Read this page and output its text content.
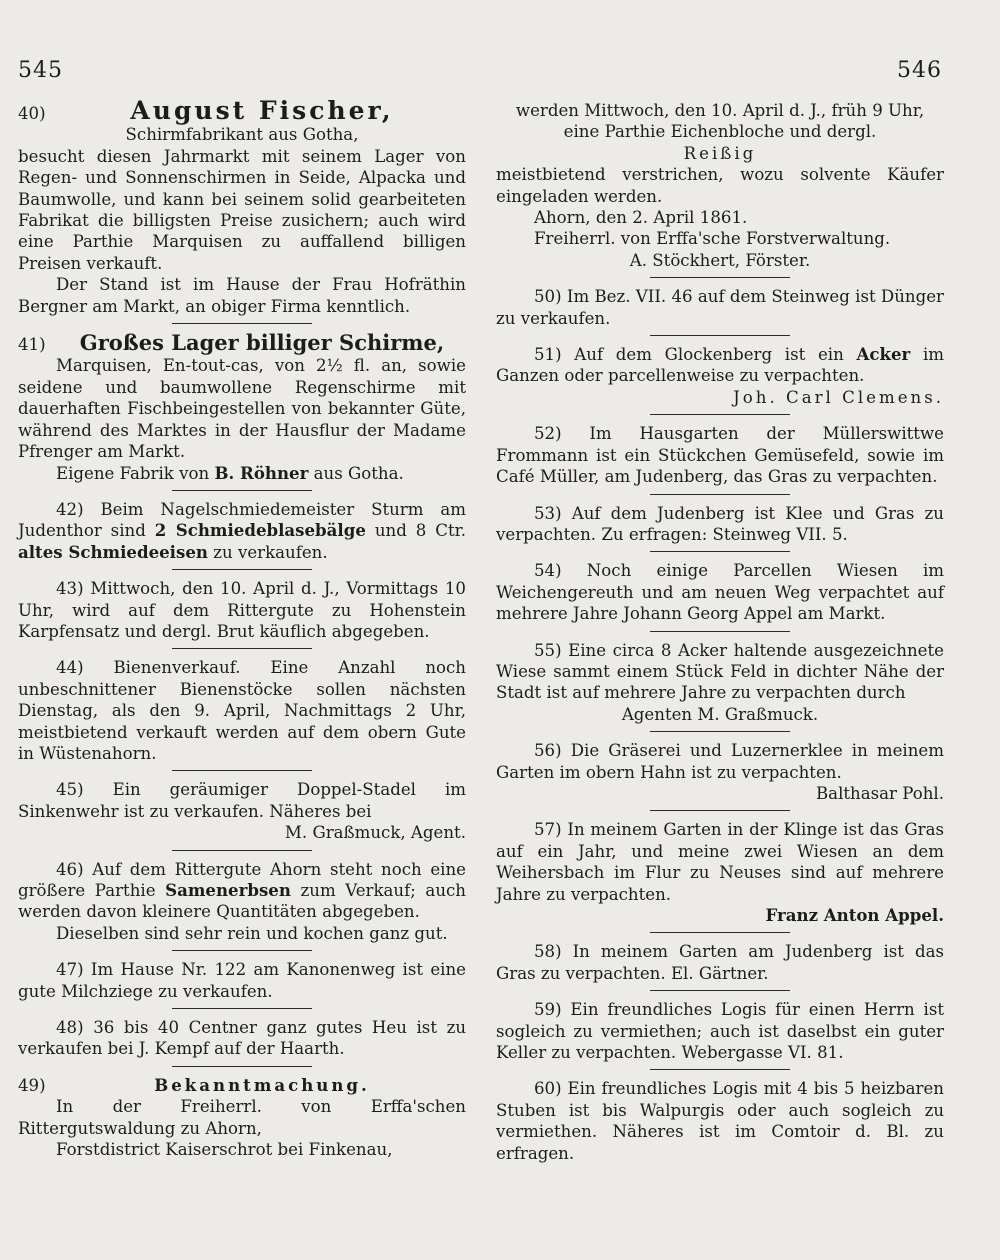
545	546
40)	August Fischer,

Schirmfabrikant aus Gotha,

besucht diesen Jahrmarkt mit seinem Lager von Regen- und Sonnenschirmen in Seide, Alpacka und Baumwolle, und kann bei seinem solid gearbeiteten Fabrikat die billigsten Preise zusichern; auch wird eine Parthie Marquisen zu auffallend billigen Preisen verkauft.

Der Stand ist im Hause der Frau Hofräthin Bergner am Markt, an obiger Firma kenntlich.

41)	Großes Lager billiger Schirme,

Marquisen, En-tout-cas, von 2½ fl. an, sowie seidene und baumwollene Regenschirme mit dauerhaften Fischbeingestellen von bekannter Güte, während des Marktes in der Hausflur der Madame Pfrenger am Markt.

Eigene Fabrik von B. Röhner aus Gotha.

42) Beim Nagelschmiedemeister Sturm am Judenthor sind 2 Schmiedeblasebälge und 8 Ctr. altes Schmiedeeisen zu verkaufen.

43) Mittwoch, den 10. April d. J., Vormittags 10 Uhr, wird auf dem Rittergute zu Hohenstein Karpfensatz und dergl. Brut käuflich abgegeben.

44) Bienenverkauf. Eine Anzahl noch unbeschnittener Bienenstöcke sollen nächsten Dienstag, als den 9. April, Nachmittags 2 Uhr, meistbietend verkauft werden auf dem obern Gute in Wüstenahorn.

45) Ein geräumiger Doppel-Stadel im Sinkenwehr ist zu verkaufen. Näheres bei

M. Graßmuck, Agent.

46) Auf dem Rittergute Ahorn steht noch eine größere Parthie Samenerbsen zum Verkauf; auch werden davon kleinere Quantitäten abgegeben.

Dieselben sind sehr rein und kochen ganz gut.

47) Im Hause Nr. 122 am Kanonenweg ist eine gute Milchziege zu verkaufen.

48) 36 bis 40 Centner ganz gutes Heu ist zu verkaufen bei J. Kempf auf der Haarth.

49)	Bekanntmachung.

In der Freiherrl. von Erffa'schen Rittergutswaldung zu Ahorn,

Forstdistrict Kaiserschrot bei Finkenau,

werden Mittwoch, den 10. April d. J., früh 9 Uhr,

eine Parthie Eichenbloche und dergl.

Reißig

meistbietend verstrichen, wozu solvente Käufer eingeladen werden.

Ahorn, den 2. April 1861.

Freiherrl. von Erffa'sche Forstverwaltung.

A. Stöckhert, Förster.

50) Im Bez. VII. 46 auf dem Steinweg ist Dünger zu verkaufen.

51) Auf dem Glockenberg ist ein Acker im Ganzen oder parcellenweise zu verpachten.

Joh. Carl Clemens.

52) Im Hausgarten der Müllerswittwe Frommann ist ein Stückchen Gemüsefeld, sowie im Café Müller, am Judenberg, das Gras zu verpachten.

53) Auf dem Judenberg ist Klee und Gras zu verpachten. Zu erfragen: Steinweg VII. 5.

54) Noch einige Parcellen Wiesen im Weichengereuth und am neuen Weg verpachtet auf mehrere Jahre Johann Georg Appel am Markt.

55) Eine circa 8 Acker haltende ausgezeichnete Wiese sammt einem Stück Feld in dichter Nähe der Stadt ist auf mehrere Jahre zu verpachten durch

Agenten M. Graßmuck.

56) Die Gräserei und Luzernerklee in meinem Garten im obern Hahn ist zu verpachten.

Balthasar Pohl.

57) In meinem Garten in der Klinge ist das Gras auf ein Jahr, und meine zwei Wiesen an dem Weihersbach im Flur zu Neuses sind auf mehrere Jahre zu verpachten.

Franz Anton Appel.

58) In meinem Garten am Judenberg ist das Gras zu verpachten. El. Gärtner.

59) Ein freundliches Logis für einen Herrn ist sogleich zu vermiethen; auch ist daselbst ein guter Keller zu verpachten. Webergasse VI. 81.

60) Ein freundliches Logis mit 4 bis 5 heizbaren Stuben ist bis Walpurgis oder auch sogleich zu vermiethen. Näheres ist im Comtoir d. Bl. zu erfragen.
